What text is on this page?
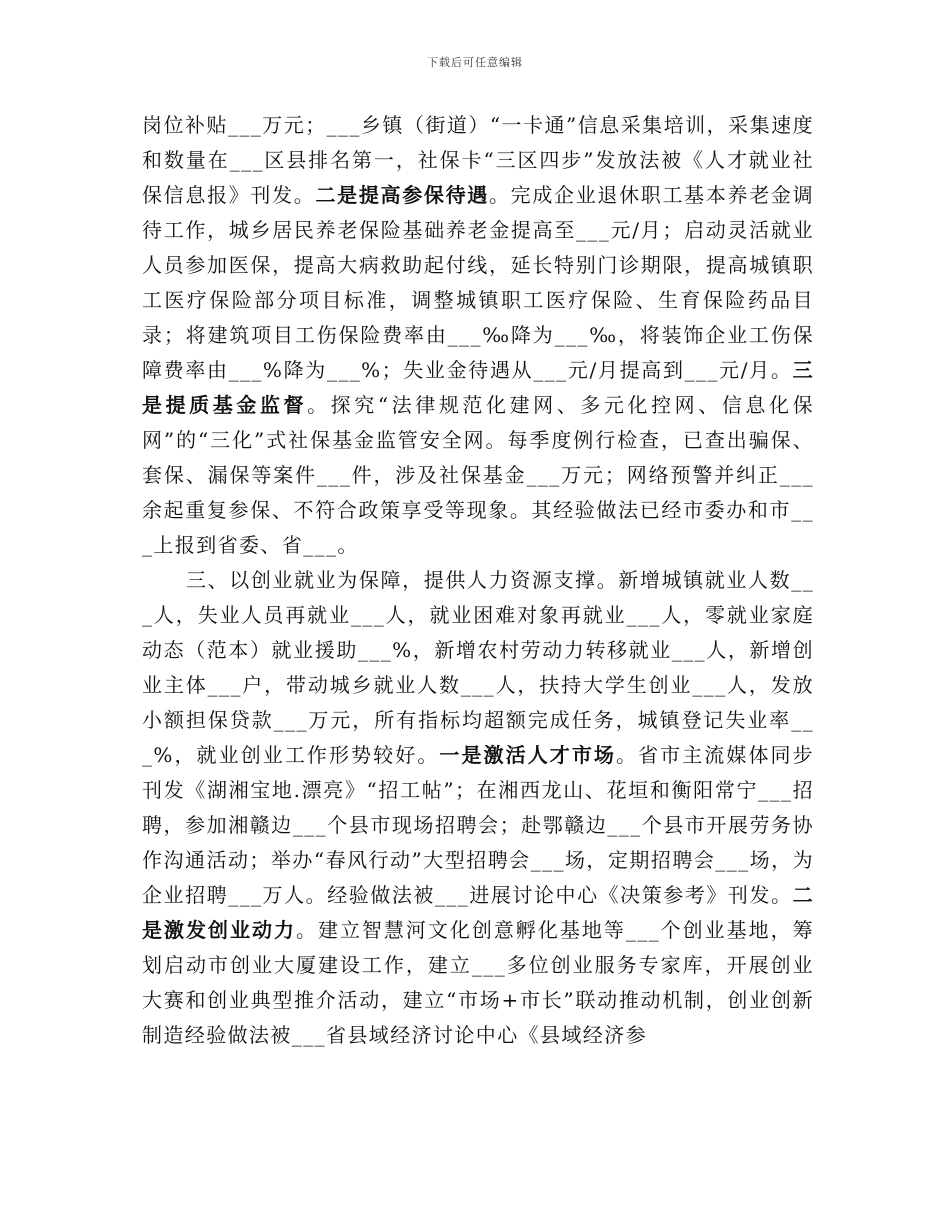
下载后可任意编辑

岗位补贴___万元；___乡镇（街道）“一卡通”信息采集培训，采集速度和数量在___区县排名第一，社保卡“三区四步”发放法被《人才就业社保信息报》刊发。二是提高参保待遇。完成企业退休职工基本养老金调待工作，城乡居民养老保险基础养老金提高至___元/月；启动灵活就业人员参加医保，提高大病救助起付线，延长特别门诊期限，提高城镇职工医疗保险部分项目标准，调整城镇职工医疗保险、生育保险药品目录；将建筑项目工伤保险费率由___‰降为___‰，将装饰企业工伤保障费率由___%降为___%；失业金待遇从___元/月提高到___元/月。三是提质基金监督。探究“法律规范化建网、多元化控网、信息化保网”的“三化”式社保基金监管安全网。每季度例行检查，已查出骗保、套保、漏保等案件___件，涉及社保基金___万元；网络预警并纠正___余起重复参保、不符合政策享受等现象。其经验做法已经市委办和市___上报到省委、省___。

三、以创业就业为保障，提供人力资源支撑。新增城镇就业人数___人，失业人员再就业___人，就业困难对象再就业___人，零就业家庭动态（范本）就业援助___%，新增农村劳动力转移就业___人，新增创业主体___户，带动城乡就业人数___人，扶持大学生创业___人，发放小额担保贷款___万元，所有指标均超额完成任务，城镇登记失业率___%，就业创业工作形势较好。一是激活人才市场。省市主流媒体同步刊发《湖湘宝地.漂亮》“招工帖”；在湘西龙山、花垣和衡阳常宁___招聘，参加湘赣边___个县市现场招聘会；赴鄂赣边___个县市开展劳务协作沟通活动；举办“春风行动”大型招聘会___场，定期招聘会___场，为企业招聘___万人。经验做法被___进展讨论中心《决策参考》刊发。二是激发创业动力。建立智慧河文化创意孵化基地等___个创业基地，筹划启动市创业大厦建设工作，建立___多位创业服务专家库，开展创业大赛和创业典型推介活动，建立“市场+市长”联动推动机制，创业创新制造经验做法被___省县域经济讨论中心《县域经济参
